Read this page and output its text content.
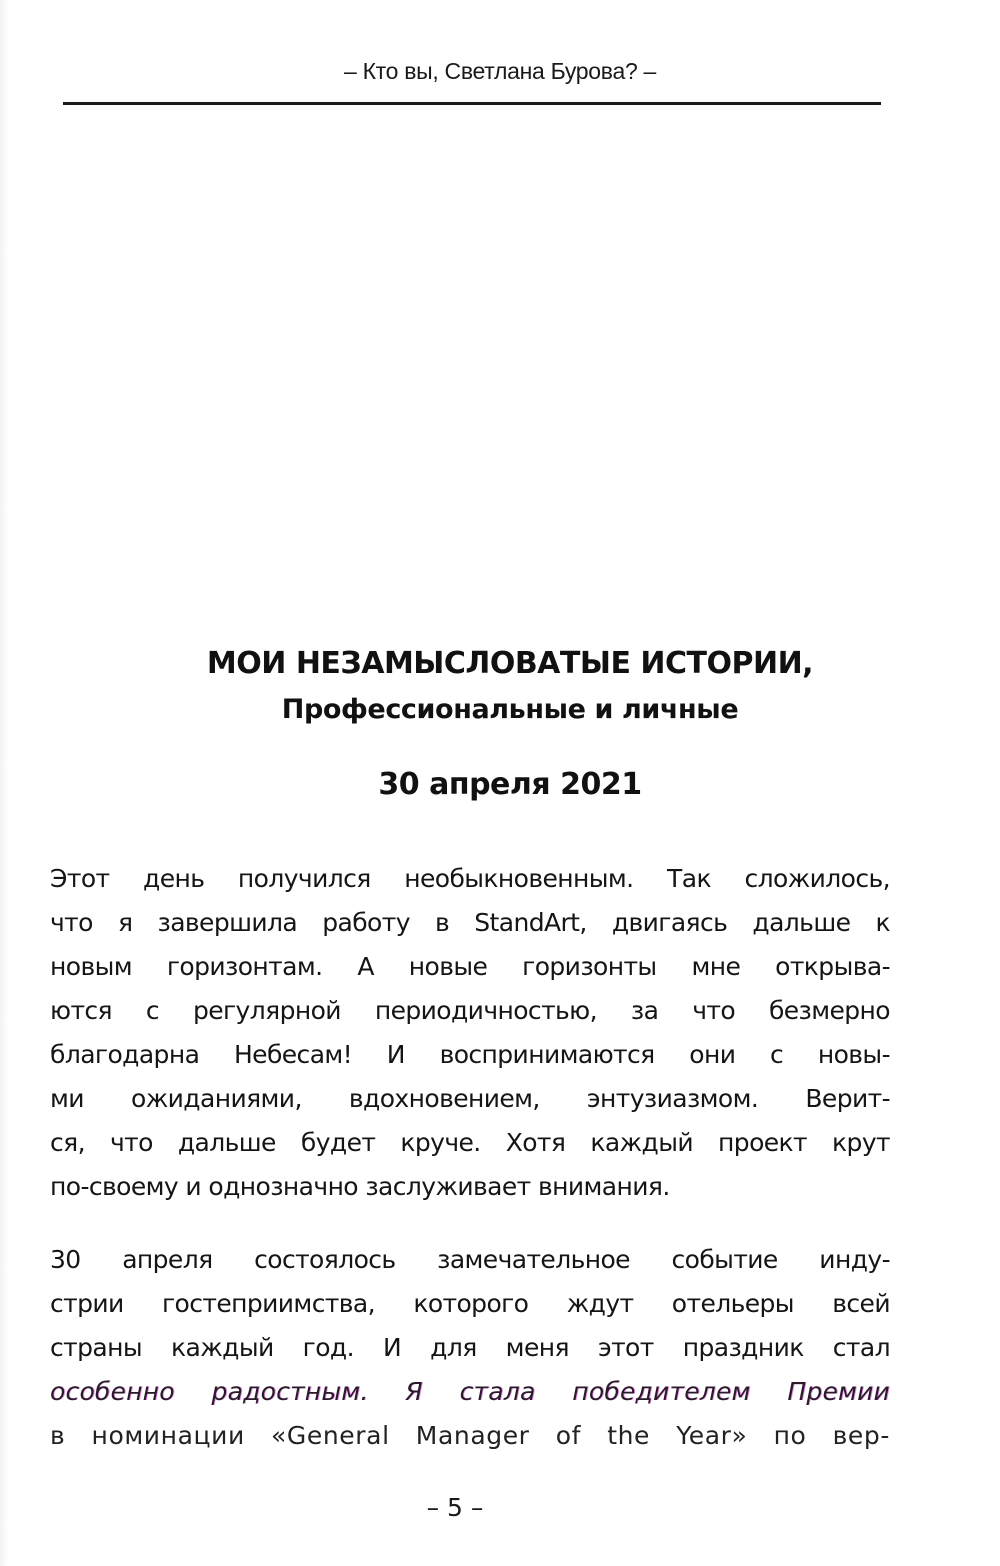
– Кто вы, Светлана Бурова? –
МОИ НЕЗАМЫСЛОВАТЫЕ ИСТОРИИ,
Профессиональные и личные
30 апреля 2021
Этот день получился необыкновенным. Так сложилось,
что я завершила работу в StandArt, двигаясь дальше к
новым горизонтам. А новые горизонты мне открыва-
ются с регулярной периодичностью, за что безмерно
благодарна Небесам! И воспринимаются они с новы-
ми ожиданиями, вдохновением, энтузиазмом. Верит-
ся, что дальше будет круче. Хотя каждый проект крут
по-своему и однозначно заслуживает внимания.
30 апреля состоялось замечательное событие инду-
стрии гостеприимства, которого ждут отельеры всей
страны каждый год. И для меня этот праздник стал
особенно радостным. Я стала победителем Премии
в номинации «General Manager of the Year» по вер-
– 5 –
